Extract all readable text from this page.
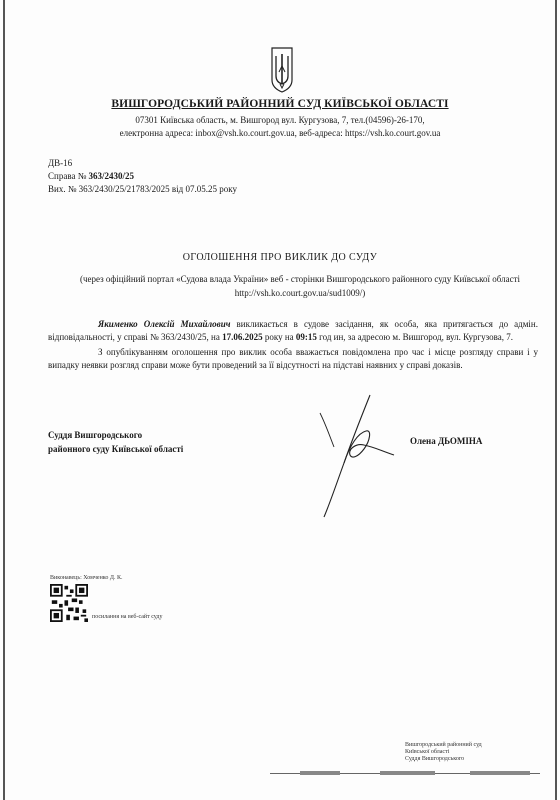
ВИШГОРОДСЬКИЙ РАЙОННИЙ СУД КИЇВСЬКОЇ ОБЛАСТІ
07301 Київська область, м. Вишгород вул. Кургузова, 7, тел.(04596)-26-170,
електронна адреса: inbox@vsh.ko.court.gov.ua, веб-адреса: https://vsh.ko.court.gov.ua
ДВ-16
Справа № 363/2430/25
Вих. № 363/2430/25/21783/2025 від 07.05.25 року
ОГОЛОШЕННЯ ПРО ВИКЛИК ДО СУДУ
(через офіційний портал «Судова влада України» веб - сторінки Вишгородського районного суду Київської області http://vsh.ko.court.gov.ua/sud1009/)

Якименко Олексій Михайлович викликається в судове засідання, як особа, яка притягається до адмін. відповідальності, у справі № 363/2430/25, на 17.06.2025 року на 09:15 год ин, за адресою м. Вишгород, вул. Кургузова, 7.

З опублікуванням оголошення про виклик особа вважається повідомлена про час і місце розгляду справи і у випадку неявки розгляд справи може бути проведений за її відсутності на підставі наявних у справі доказів.

Суддя Вишгородського
районного суду Київської області
Олена ДЬОМІНА
Виконавець: Хомченко Д. К.
посилання на веб-сайт суду
Вишгородський районний суд
Київської області
Суддя Вишгородського
